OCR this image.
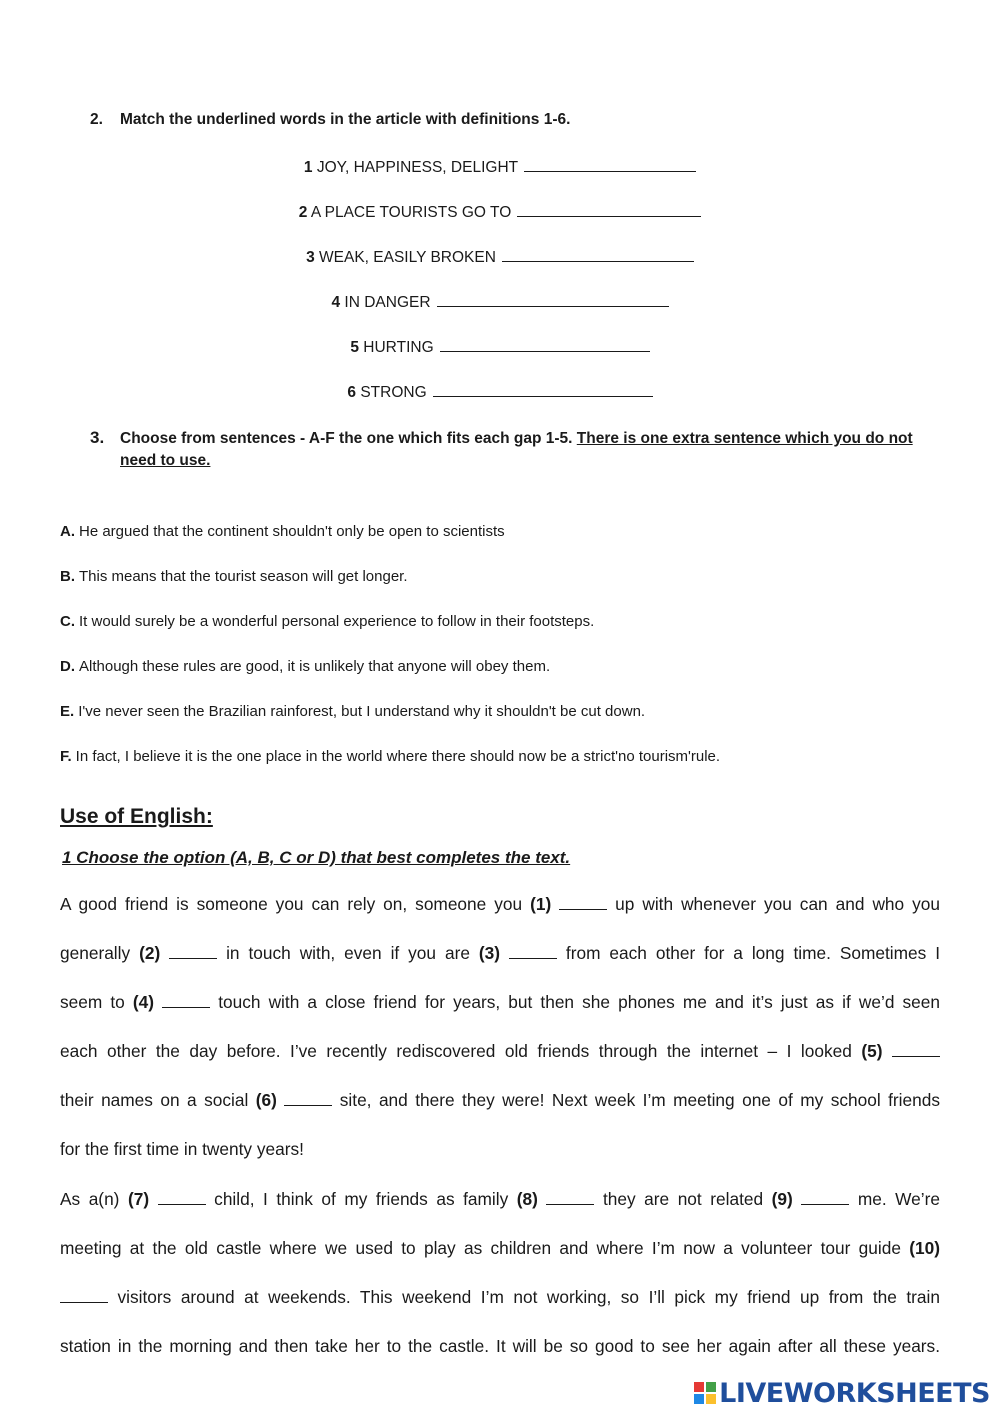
2. Match the underlined words in the article with definitions 1-6.
1 JOY, HAPPINESS, DELIGHT
2 A PLACE TOURISTS GO TO
3 WEAK, EASILY BROKEN
4 IN DANGER
5 HURTING
6 STRONG
3. Choose from sentences - A-F the one which fits each gap 1-5. There is one extra sentence which you do not
need to use.
A. He argued that the continent shouldn't only be open to scientists
B. This means that the tourist season will get longer.
C. It would surely be a wonderful personal experience to follow in their footsteps.
D. Although these rules are good, it is unlikely that anyone will obey them.
E. I've never seen the Brazilian rainforest, but I understand why it shouldn't be cut down.
F. In fact, I believe it is the one place in the world where there should now be a strict'no tourism'rule.
Use of English:
1 Choose the option (A, B, C or D) that best completes the text.
A good friend is someone you can rely on, someone you (1)	up with whenever you can and who you
generally (2)	in touch with, even if you are (3)	from each other for a long time. Sometimes I
seem to (4)	touch with a close friend for years, but then she phones me and it’s just as if we’d seen
each other the day before. I’ve recently rediscovered old friends through the internet – I looked (5)
their names on a social (6)	site, and there they were! Next week I’m meeting one of my school friends
for the first time in twenty years!
As a(n) (7)	child, I think of my friends as family (8)	they are not related (9)	me. We’re
meeting at the old castle where we used to play as children and where I’m now a volunteer tour guide (10)
visitors around at weekends. This weekend I’m not working, so I’ll pick my friend up from the train
station in the morning and then take her to the castle. It will be so good to see her again after all these years.
LIVEWORKSHEETS
